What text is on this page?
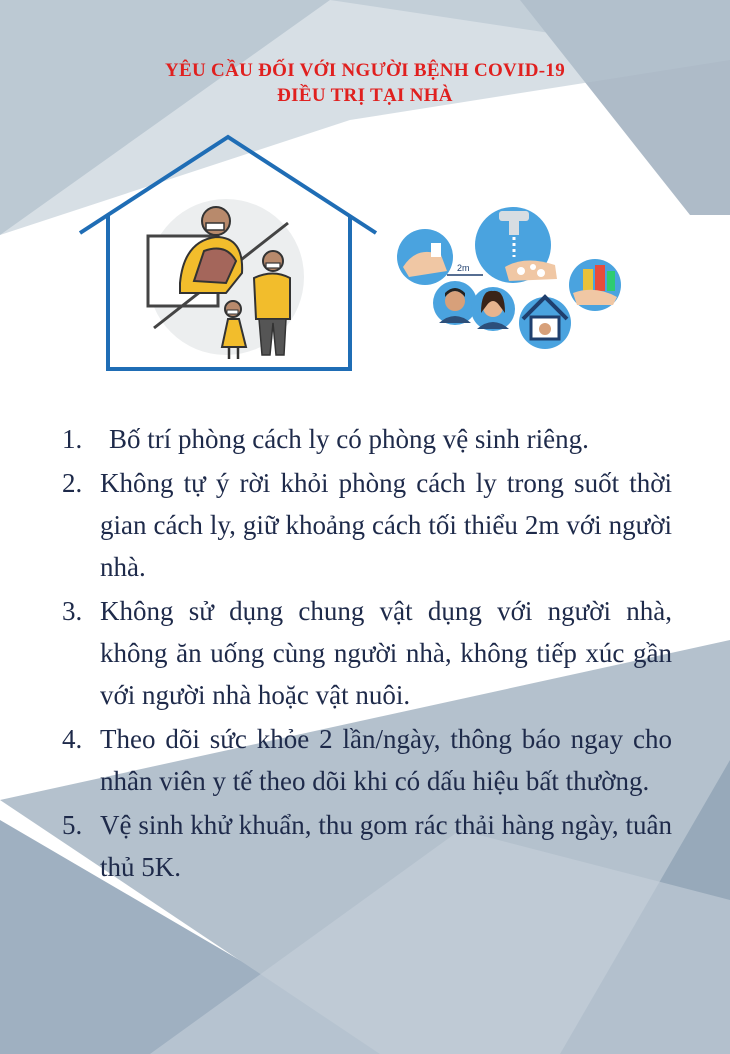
YÊU CẦU ĐỐI VỚI NGƯỜI BỆNH COVID-19
ĐIỀU TRỊ TẠI NHÀ
2m
1. Bố trí phòng cách ly có phòng vệ sinh riêng.
2. Không tự ý rời khỏi phòng cách ly trong suốt thời gian cách ly, giữ khoảng cách tối thiểu 2m với người nhà.
3. Không sử dụng chung vật dụng với người nhà, không ăn uống cùng người nhà, không tiếp xúc gần với người nhà hoặc vật nuôi.
4. Theo dõi sức khỏe 2 lần/ngày, thông báo ngay cho nhân viên y tế theo dõi khi có dấu hiệu bất thường.
5. Vệ sinh khử khuẩn, thu gom rác thải hàng ngày, tuân thủ 5K.
